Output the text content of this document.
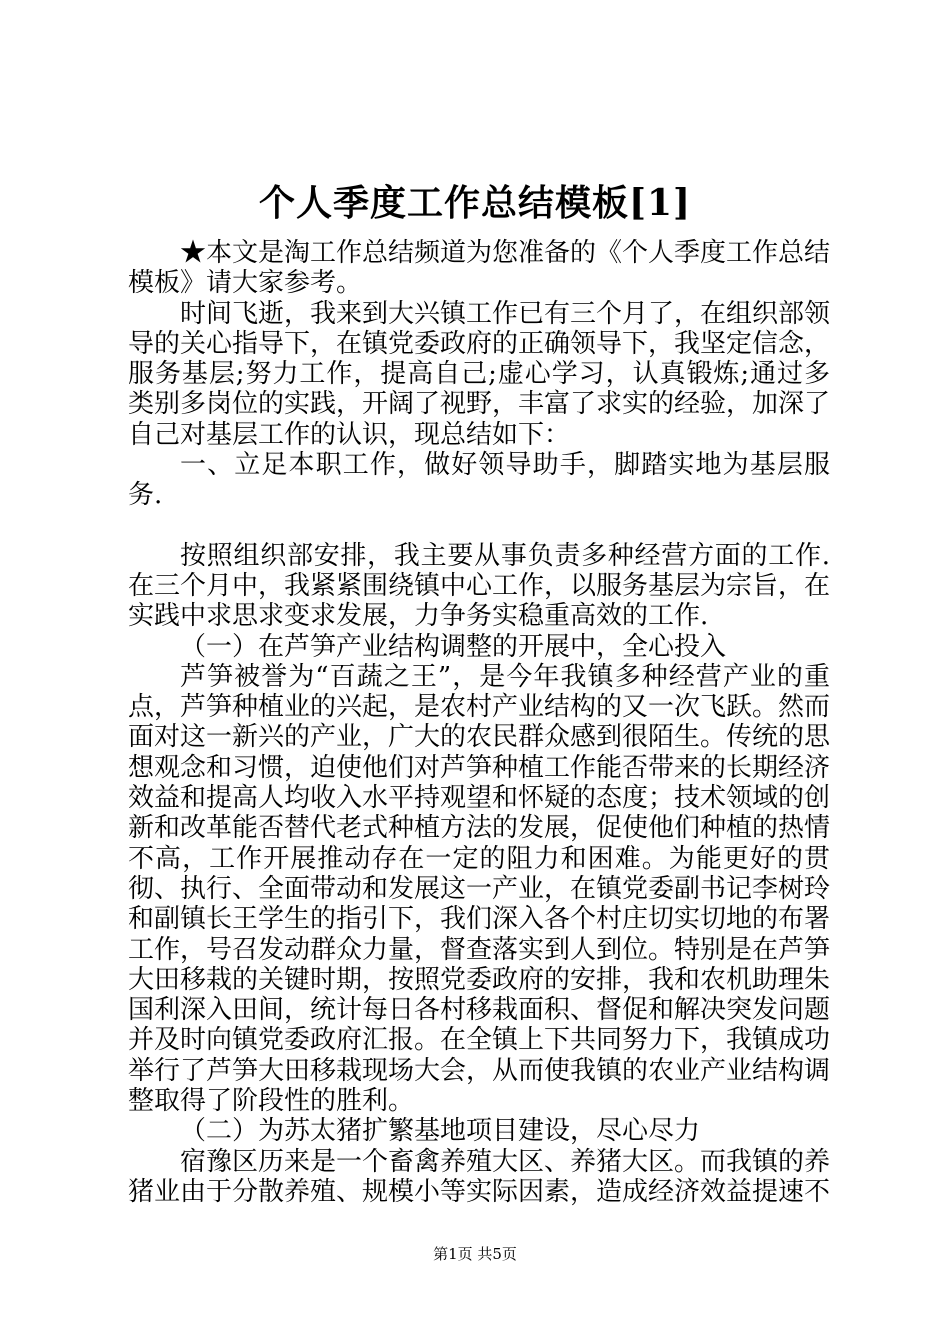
个人季度工作总结模板[1]

★本文是淘工作总结频道为您准备的《个人季度工作总结模板》请大家参考。

时间飞逝，我来到大兴镇工作已有三个月了，在组织部领导的关心指导下，在镇党委政府的正确领导下，我坚定信念，服务基层;努力工作，提高自己;虚心学习，认真锻炼;通过多类别多岗位的实践，开阔了视野，丰富了求实的经验，加深了自己对基层工作的认识，现总结如下：

一、立足本职工作，做好领导助手，脚踏实地为基层服务.

按照组织部安排，我主要从事负责多种经营方面的工作.在三个月中，我紧紧围绕镇中心工作，以服务基层为宗旨，在实践中求思求变求发展，力争务实稳重高效的工作.

（一）在芦笋产业结构调整的开展中，全心投入

芦笋被誉为“百蔬之王”，是今年我镇多种经营产业的重点，芦笋种植业的兴起，是农村产业结构的又一次飞跃。然而面对这一新兴的产业，广大的农民群众感到很陌生。传统的思想观念和习惯，迫使他们对芦笋种植工作能否带来的长期经济效益和提高人均收入水平持观望和怀疑的态度；技术领域的创新和改革能否替代老式种植方法的发展，促使他们种植的热情不高，工作开展推动存在一定的阻力和困难。为能更好的贯彻、执行、全面带动和发展这一产业，在镇党委副书记李树玲和副镇长王学生的指引下，我们深入各个村庄切实切地的布署工作，号召发动群众力量，督查落实到人到位。特别是在芦笋大田移栽的关键时期，按照党委政府的安排，我和农机助理朱国利深入田间，统计每日各村移栽面积、督促和解决突发问题并及时向镇党委政府汇报。在全镇上下共同努力下，我镇成功举行了芦笋大田移栽现场大会，从而使我镇的农业产业结构调整取得了阶段性的胜利。

（二）为苏太猪扩繁基地项目建设，尽心尽力

宿豫区历来是一个畜禽养殖大区、养猪大区。而我镇的养猪业由于分散养殖、规模小等实际因素，造成经济效益提速不

第1页 共5页
